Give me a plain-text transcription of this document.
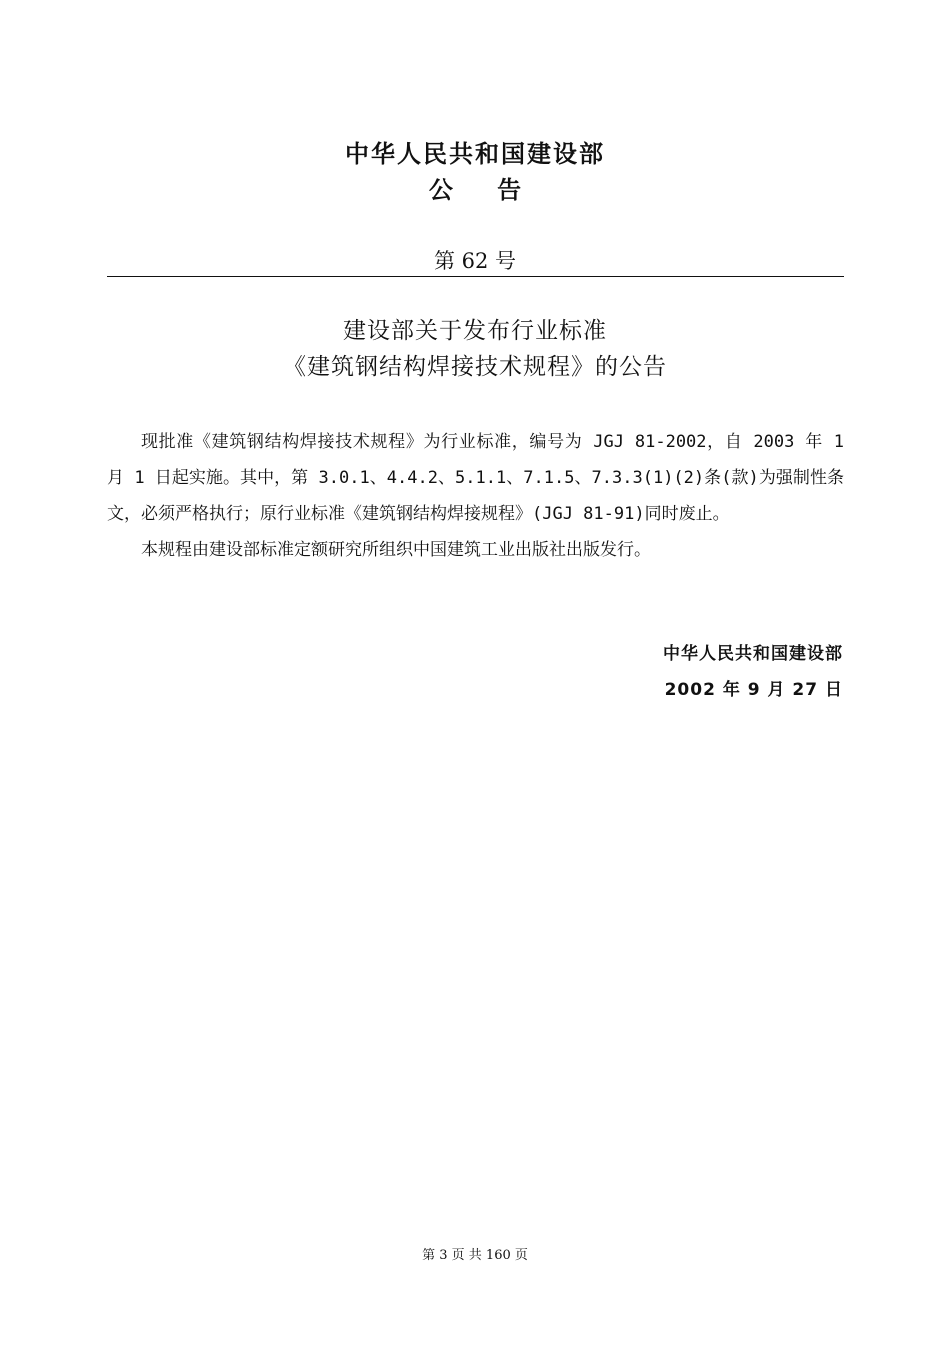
中华人民共和国建设部
公 告
第 62 号
建设部关于发布行业标准
《建筑钢结构焊接技术规程》的公告

现批准《建筑钢结构焊接技术规程》为行业标准，编号为 JGJ 81-2002，自 2003 年 1 月 1 日起实施。其中，第 3.0.1、4.4.2、5.1.1、7.1.5、7.3.3(1)(2)条(款)为强制性条文，必须严格执行；原行业标准《建筑钢结构焊接规程》(JGJ 81-91)同时废止。

本规程由建设部标准定额研究所组织中国建筑工业出版社出版发行。

中华人民共和国建设部
2002 年 9 月 27 日
第 3 页 共 160 页
